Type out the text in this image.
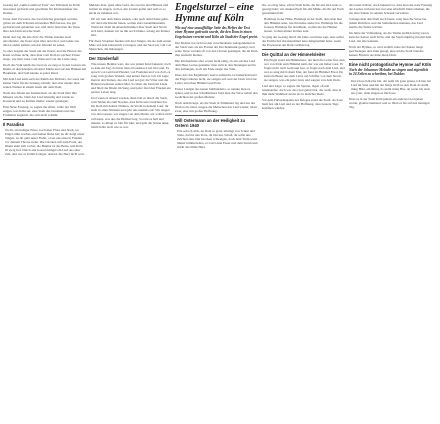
Gesang auf „Gülle Landtrost Tanz“ des Tribunals zu Köln; besonders gedruckt und gewidmet für Kirchendiener des Domes.

Unter dem Vorwand, das Lied möchte gesungen werden, gaben sie dem Tribunal ein kleines Heft heraus, das gut gedruckt und gebunden war, und darin fand man die Verse über den Dom und die Stadt.

Denn dort lag die alte Zeit: die Türme standen noch unvollendet, der Kran ragte über den Chor, und Gäste aus allen Landen kamen, um das Wunder zu sehen.

So aber begann der Streit um die Worte, und die Herren des Rates wollten nicht, dass man vom Dom in solchen Tönen singe, wie man sonst vom Wein und von der Liebe sang.

Doch das Volk nahm das Lied an, es sang es in den Gassen am Rhein, in den Kneipen am Alter Markt und auf den Bänken am Heumarkt, und bald kannte es jedes Kind.

Mit dem Lied kam auch der Ruhm des Dichters, der sonst nur kleine Verse für die Zeitung schrieb; nun aber nannte man seinen Namen in einem Atem mit dem Dom.

Nach den Jahren der Gründerzeit, als die Stadt über ihre Mauern wuchs, blieb das Lied lebendig und wurde zu Karneval und zu Kirmes immer wieder gesungen.

Eine Neue Fassung, so sagten die Alten, sollte der Welt zeigen, was Köln sei: eine Stadt des Glaubens und des Frohsinns zugleich, die sich nicht schämt.

Il Paradiso

Zu dir, ein heiliger Erker, hoch über Fluss und Stadt, wo Engel stille wachen, und keiner Ruhe hat; zu dir steigt unser Singen, zu dir geht unser Flehn, o lass uns einst in Frieden vor deinem Throne stehn. Die Glocken ruft zum Feste, der Rhein zieht still vorbei, die Heimat ist das Beste, und Köln ist ewig frei. Durch alle Gassen klinget ein Lied aus alter Zeit, und wer es fröhlich singet, dem ist das Herz nicht weit.

Meldete man, ganz ohne Geld, das Lied in den Häusern und Gärten zu singen, weil es den Leuten gefiel und weil es so leicht zu behalten war.

Ob wir nun dem Tanze sinnen, oder nach dem Dome gehn, wir sind alle Kinder innen, wollen stets zusammenstehn. Wenn der Dom im Abendschimmer über Stadt und Strom sich hebt, denken wir an ihn noch immer, solang ein Kölner lebt.

Für diese Strophen fanden sich drei Sänger, die sie zum ersten Male auf dem Gürzenich vortrugen, und der Saal war voll von Menschen, die mitsangen.

Der Sündenfall

Was unsere Heimat wert, das war jedem Kind bekannt; doch es kam ein Tag, da hörte man ein anderes Lied im Land. Es sprach von Geld und Handel, von Fremden und von Zoll, es sang vom großen Wandel, und keiner fand es toll. Da sagte man in den Stuben, das alte Lied sei gut; die Väter und die Buben bewahrten seinen Mut. So blieb der Dom im Liede und blieb der Rhein im Sang, und jeder fand den Frieden ein ganzes Leben lang.

Und wenn es Abend worden, dann tönt es durch die Stadt, vom Süden bis zum Norden, dass Köln sein Liedchen hat. Du Dom mit deinen Türmen, du Strom in deinem Lauf, ihr steht in allen Stürmen und gebt uns niemals auf. Wir singen von den Gassen, wir singen von dem Markt, wir wollen nicht verlassen, was uns die Heimat barg. So tönt es hell und munter, so klingt es Jahr für Jahr, und geht die Sonne unter, bleibt Köln doch wie es war.

Engelsturzel – eine Hymne auf Köln
Wie auf eine unauffällige Seite des Heftes der Text einer Hymne gedruckt wurde, die den Dom in einen Engelssturz versetzt und Köln als Stadt der Engel preist.

Der Dichter hat sich bei den verschiedenen Gelegenheiten in der Stadt stets als ein Freund der Kirchenmusik gezeigt, und seine Verse wurden oft von den Chören gesungen, die im Dom ihre Andacht hielten.

Die Kirchenleute aber waren nicht einig, ob ein solches Lied dem Haus Gottes gezieme; man stritt in den Sitzungen und in den Zeitungen, doch am Ende siegte das Volk.

Dass dort das Engelmotiv zuerst auftaucht, ist bemerkenswert: die Engel stürzen nicht, sie steigen auf, und der Dom wird zur Leiter zwischen Himmel und Erde.

Erstes Liedgut des neuen Jahrhunderts, so nannte man es später, und in den Schulbüchern fand man die Verse neben den Gedichten der großen Meister.

Nach dem Kriege, als die Stadt in Trümmern lag und nur der Dom noch stand, sangen die Menschen das Lied wieder, leiser zwar, aber mit großer Hoffnung.

Will Ostermann an der Heiligkeit zu Ostern 1940

Wie seh ich dich, du Dom so groß, umringt von Schutt und Stein, du bist uns Trost, du bist uns Schoß, du sollst uns Zeichen sein. Die Glocken schweigen, doch dein Turm weist immer himmelwärts, er trotzt dem Feuer und dem Sturm und stärkt das müde Herz.

Nu, wo mag leise, schön Stadt Köln, die Ihr uns im Liede so gezeigt habt; wir danken Euch für alle Mühe, die Ihr auf Euch genommen habt.

Halleluja in der Höhe, Halleluja in der Stadt, dass man hier den Himmel sehe, wie ihn keine andre hat. Halleluja für die Gassen, Halleluja für den Rhein, wollen nie die Heimat lassen, wollen immer Kölner sein.

So ging der Gesang durch die Jahre, und man sagt, dass selbst der Erzbischof ihn manchmal leise mitgesummt habe, wenn die Prozession am Dom vorüberzog.

Die Quittal an der Himmelsleiter

Ein Engel stand am Himmelstor, der hielt die Leiter fest, und wer von Köln zum Himmel kam, der war ein lieber Gast. Er fragte nicht nach Geld und Gut, er fragte nach dem Lied, und wer es sang mit frohem Mut, der fand im Himmel Fried. Da kam ein Bauer aus dem Land, ein Schiffer von dem Strom, sie sangen, was ein jeder fand, und sangen von dem Dom.

Lied und Lüge, so sagten die Spötter, lägen oft nah beieinander; doch wer das Lied gehört hat, der weiß, dass in ihm mehr Wahrheit steckt als in mancher Rede.

Vor dem Pulvermagazin des Krieges stand die Stadt, doch sie hielt fest am Lied und an der Hoffnung, dass bessere Tage kommen würden.

Als unser Kölner, doch bekannt ist, dass man die erste Fassung des Liedes verloren hat; nur eine Abschrift blieb erhalten, die ein alter Küster in seinem Schrank verwahrte.

Solange man den Dom noch baute, sang man die Verse bei jedem Richtfest, und die Steinmetzen meinten, das Lied mache die Steine leichter.

Im Jahre der Vollendung, als die Türme endlich fertig waren, kam der Kaiser nach Köln, und die Stadt empfing ihn mit dem Lied, das alle kannten.

Nach der Hymne, so wird erzählt, habe der Kaiser lange geschwiegen und dann gesagt, eine solche Stadt brauche keinen Fürsten, sie habe ihren Dom.

Eine nicht protogotische Hymne auf Köln
Nach der Johannes-Melodie zu singen und eigentlich in 24 Zeilen zu schreiben, bei Dubbes

Dat ich ne Kölsche bin, dat weiß ich ganz genau, ich han dat Lied im Sinn und bin dat Singe nit flau. Am Dom do steiht ming Hätz, am Rhing do steiht ming Hus, un wenn ich einst ens jonn, dann singen se mich uss.

Dass es in der Stadt Köln jemals ein anderes Lied geben werde, glaubte niemand; und so blieb es bis auf den heutigen Tag.
